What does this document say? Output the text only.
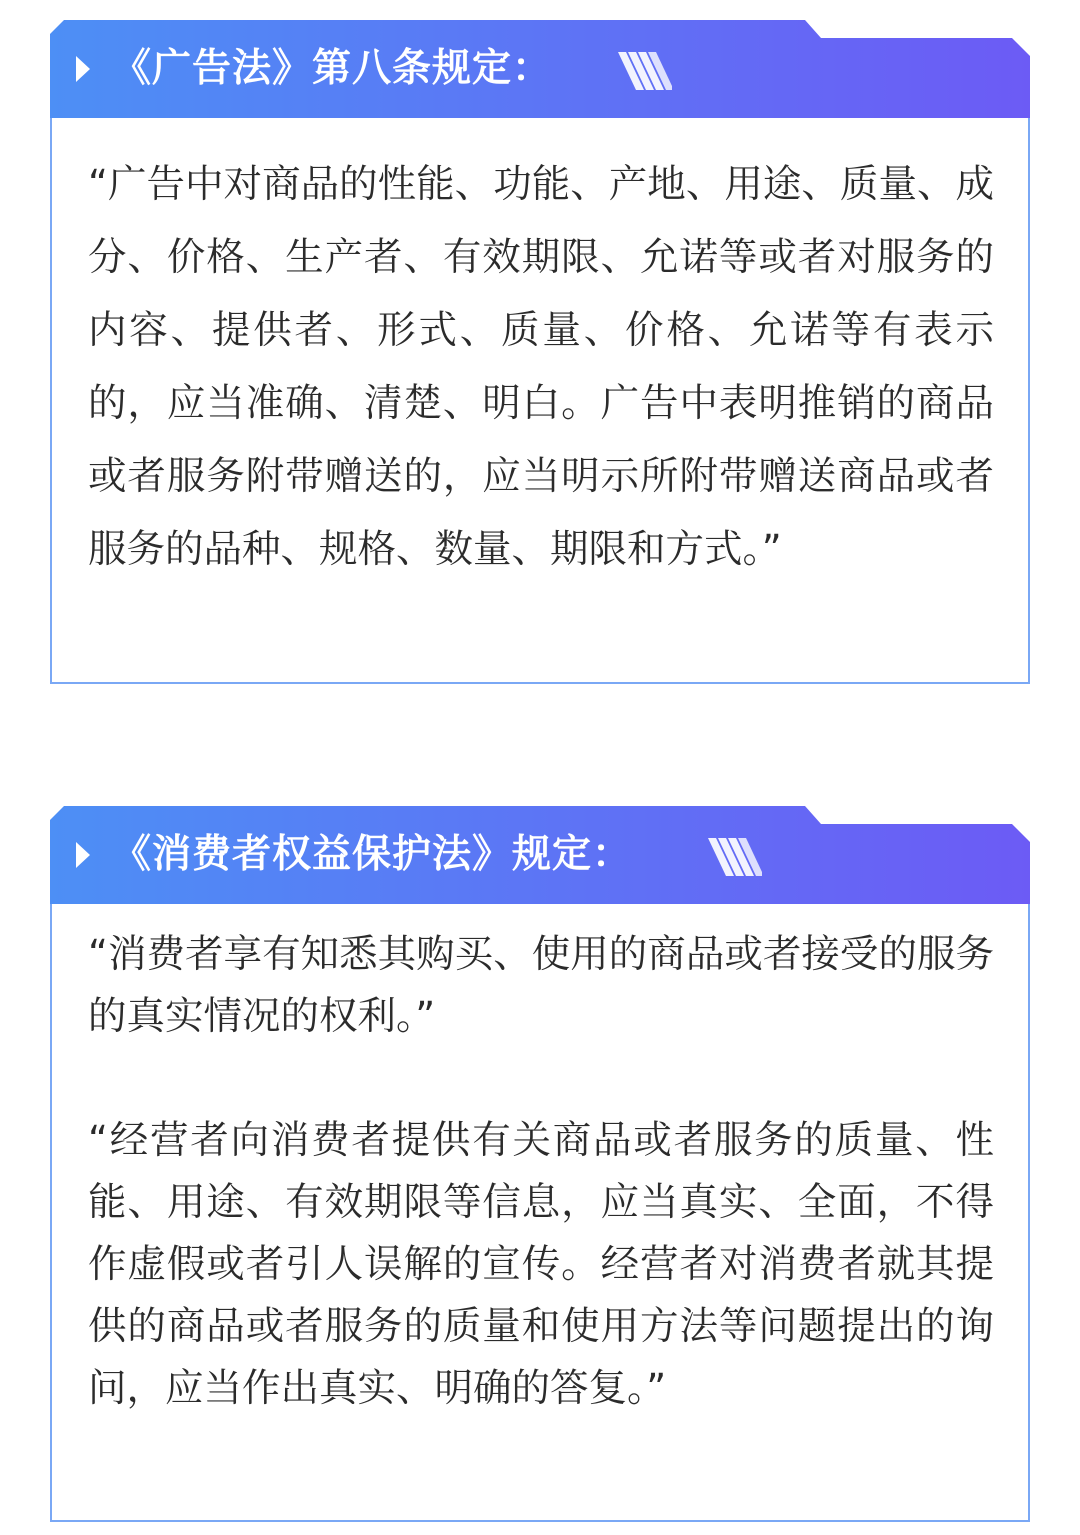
《广告法》第八条规定：

“广告中对商品的性能、功能、产地、用途、质量、成分、价格、生产者、有效期限、允诺等或者对服务的内容、提供者、形式、质量、价格、允诺等有表示的，应当准确、清楚、明白。广告中表明推销的商品或者服务附带赠送的，应当明示所附带赠送商品或者服务的品种、规格、数量、期限和方式。”

《消费者权益保护法》规定：

“消费者享有知悉其购买、使用的商品或者接受的服务的真实情况的权利。”

“经营者向消费者提供有关商品或者服务的质量、性能、用途、有效期限等信息，应当真实、全面，不得作虚假或者引人误解的宣传。经营者对消费者就其提供的商品或者服务的质量和使用方法等问题提出的询问，应当作出真实、明确的答复。”
